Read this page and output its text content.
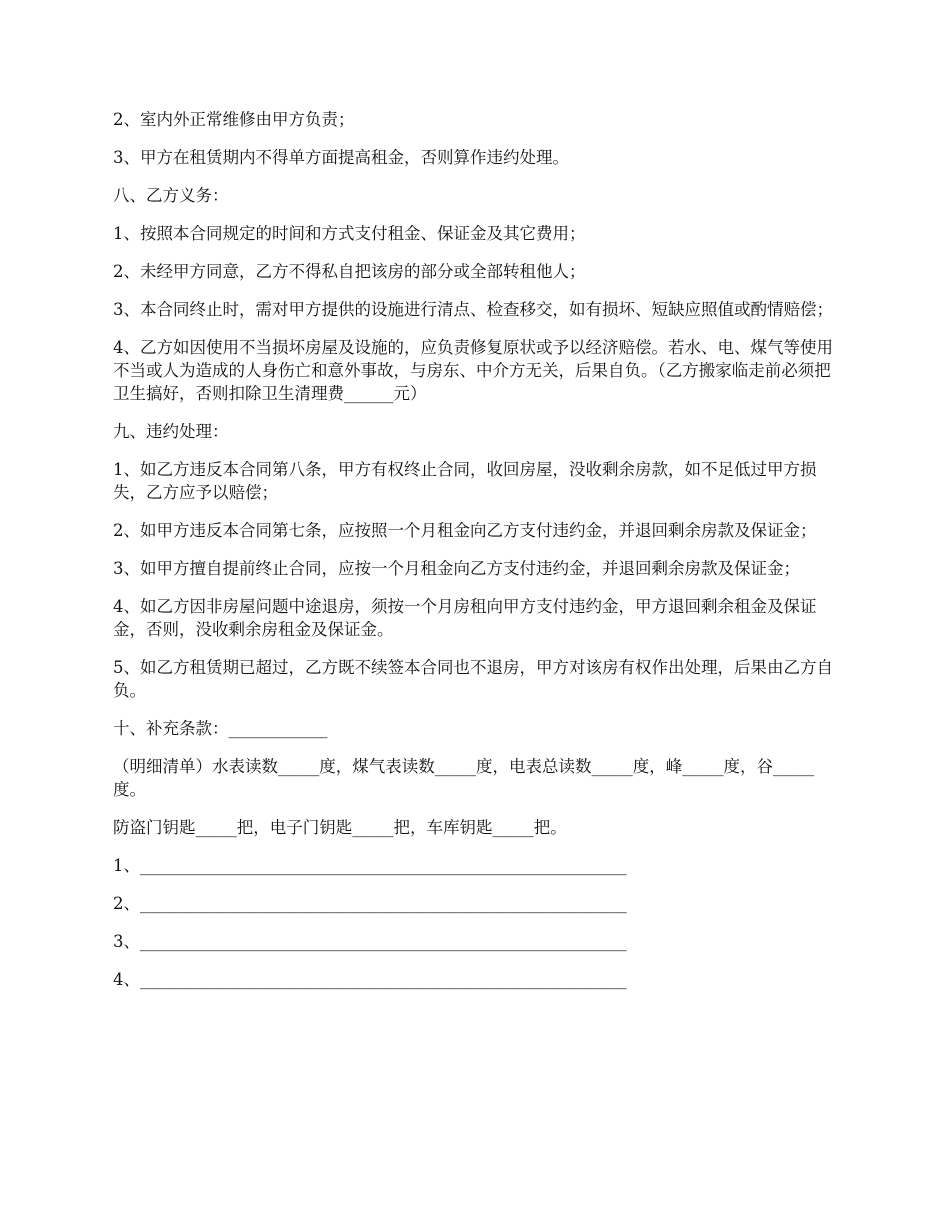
2、室内外正常维修由甲方负责；

3、甲方在租赁期内不得单方面提高租金，否则算作违约处理。

八、乙方义务：

1、按照本合同规定的时间和方式支付租金、保证金及其它费用；

2、未经甲方同意，乙方不得私自把该房的部分或全部转租他人；

3、本合同终止时，需对甲方提供的设施进行清点、检查移交，如有损坏、短缺应照值或酌情赔偿；

4、乙方如因使用不当损坏房屋及设施的，应负责修复原状或予以经济赔偿。若水、电、煤气等使用不当或人为造成的人身伤亡和意外事故，与房东、中介方无关，后果自负。（乙方搬家临走前必须把卫生搞好，否则扣除卫生清理费______元）

九、违约处理：

1、如乙方违反本合同第八条，甲方有权终止合同，收回房屋，没收剩余房款，如不足低过甲方损失，乙方应予以赔偿；

2、如甲方违反本合同第七条，应按照一个月租金向乙方支付违约金，并退回剩余房款及保证金；

3、如甲方擅自提前终止合同，应按一个月租金向乙方支付违约金，并退回剩余房款及保证金；

4、如乙方因非房屋问题中途退房，须按一个月房租向甲方支付违约金，甲方退回剩余租金及保证金，否则，没收剩余房租金及保证金。

5、如乙方租赁期已超过，乙方既不续签本合同也不退房，甲方对该房有权作出处理，后果由乙方自负。

十、补充条款：____________

（明细清单）水表读数_____度，煤气表读数_____度，电表总读数_____度，峰_____度，谷_____度。

防盗门钥匙_____把，电子门钥匙_____把，车库钥匙_____把。

1、___________________________________________________________

2、___________________________________________________________

3、___________________________________________________________

4、___________________________________________________________
